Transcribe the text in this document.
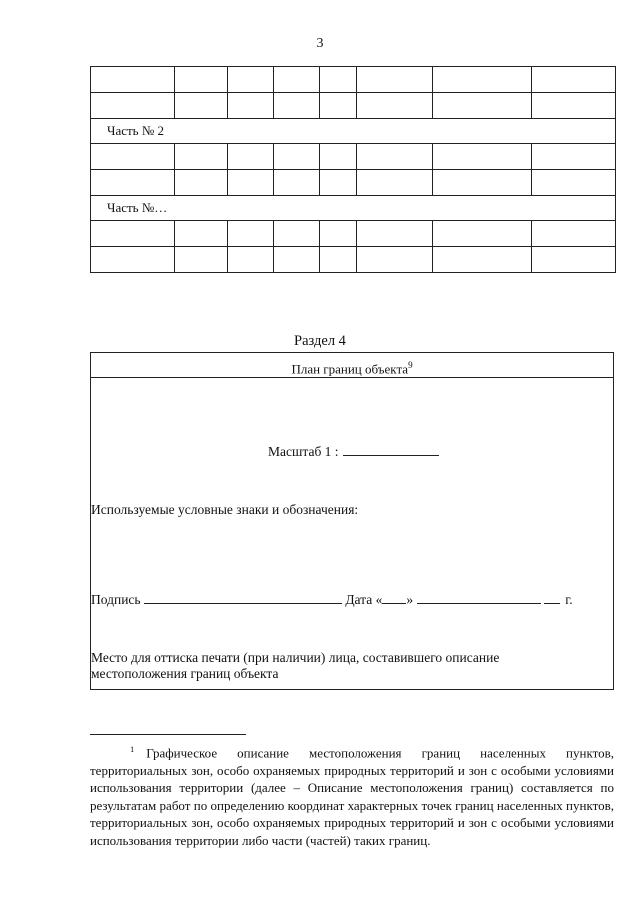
3

Часть № 2							

Часть №…							

Раздел 4
План границ объекта$^9$
Масштаб 1 :
Используемые условные знаки и обозначения:
Подпись	Дата « »	г.
Место для оттиска печати (при наличии) лица, составившего описание местоположения границ объекта
$^1$ Графическое описание местоположения границ населенных пунктов, территориальных зон, особо охраняемых природных территорий и зон с особыми условиями использования территории (далее – Описание местоположения границ) составляется по результатам работ по определению координат характерных точек границ населенных пунктов, территориальных зон, особо охраняемых природных территорий и зон с особыми условиями использования территории либо части (частей) таких границ.
